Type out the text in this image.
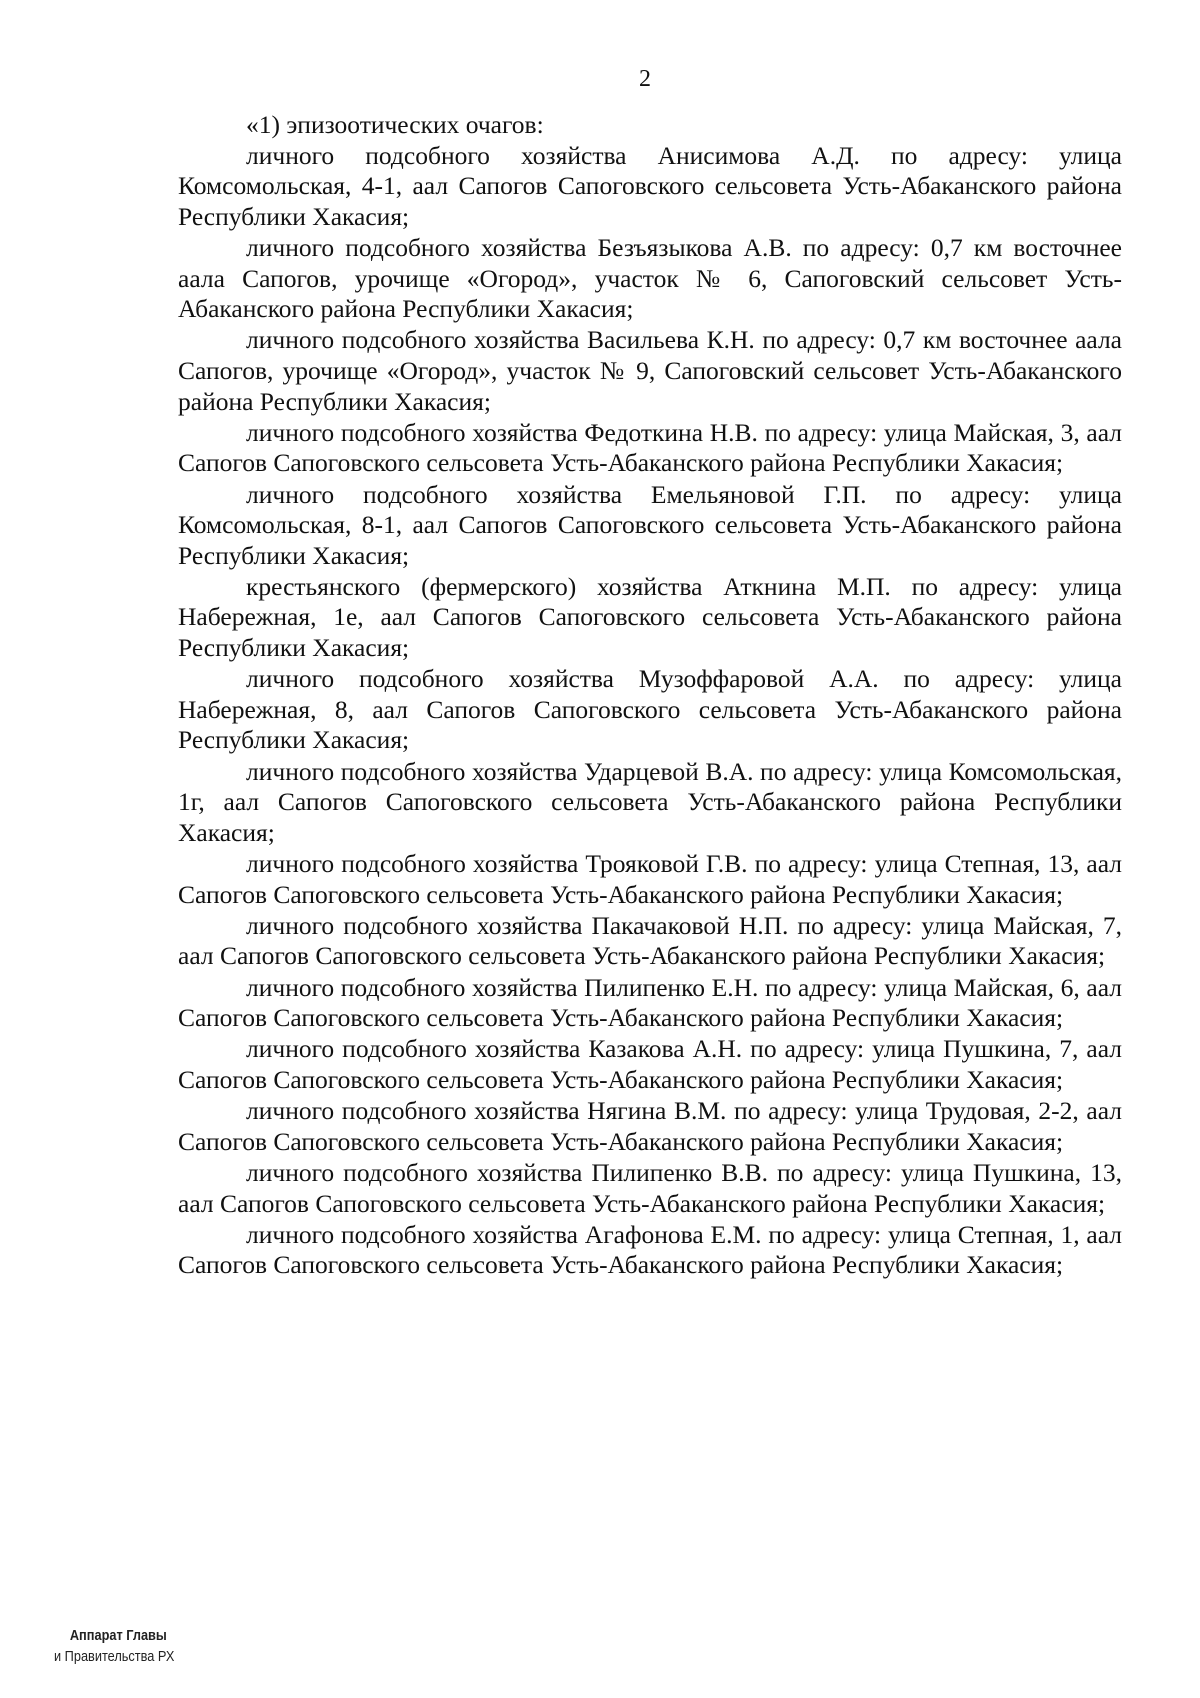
2

«1) эпизоотических очагов:

личного подсобного хозяйства Анисимова А.Д. по адресу: улица Комсомольская, 4-1, аал Сапогов Сапоговского сельсовета Усть-Абаканского района Республики Хакасия;

личного подсобного хозяйства Безъязыкова А.В. по адресу: 0,7 км восточнее аала Сапогов, урочище «Огород», участок № 6, Сапоговский сельсовет Усть-Абаканского района Республики Хакасия;

личного подсобного хозяйства Васильева К.Н. по адресу: 0,7 км восточнее аала Сапогов, урочище «Огород», участок № 9, Сапоговский сельсовет Усть-Абаканского района Республики Хакасия;

личного подсобного хозяйства Федоткина Н.В. по адресу: улица Майская, 3, аал Сапогов Сапоговского сельсовета Усть-Абаканского района Республики Хакасия;

личного подсобного хозяйства Емельяновой Г.П. по адресу: улица Комсомольская, 8-1, аал Сапогов Сапоговского сельсовета Усть-Абаканского района Республики Хакасия;

крестьянского (фермерского) хозяйства Аткнина М.П. по адресу: улица Набережная, 1е, аал Сапогов Сапоговского сельсовета Усть-Абаканского района Республики Хакасия;

личного подсобного хозяйства Музоффаровой А.А. по адресу: улица Набережная, 8, аал Сапогов Сапоговского сельсовета Усть-Абаканского района Республики Хакасия;

личного подсобного хозяйства Ударцевой В.А. по адресу: улица Комсомольская, 1г, аал Сапогов Сапоговского сельсовета Усть-Абаканского района Республики Хакасия;

личного подсобного хозяйства Трояковой Г.В. по адресу: улица Степная, 13, аал Сапогов Сапоговского сельсовета Усть-Абаканского района Республики Хакасия;

личного подсобного хозяйства Пакачаковой Н.П. по адресу: улица Майская, 7, аал Сапогов Сапоговского сельсовета Усть-Абаканского района Республики Хакасия;

личного подсобного хозяйства Пилипенко Е.Н. по адресу: улица Майская, 6, аал Сапогов Сапоговского сельсовета Усть-Абаканского района Республики Хакасия;

личного подсобного хозяйства Казакова А.Н. по адресу: улица Пушкина, 7, аал Сапогов Сапоговского сельсовета Усть-Абаканского района Республики Хакасия;

личного подсобного хозяйства Нягина В.М. по адресу: улица Трудовая, 2-2, аал Сапогов Сапоговского сельсовета Усть-Абаканского района Республики Хакасия;

личного подсобного хозяйства Пилипенко В.В. по адресу: улица Пушкина, 13, аал Сапогов Сапоговского сельсовета Усть-Абаканского района Республики Хакасия;

личного подсобного хозяйства Агафонова Е.М. по адресу: улица Степная, 1, аал Сапогов Сапоговского сельсовета Усть-Абаканского района Республики Хакасия;

Аппарат Главы
и Правительства РХ
